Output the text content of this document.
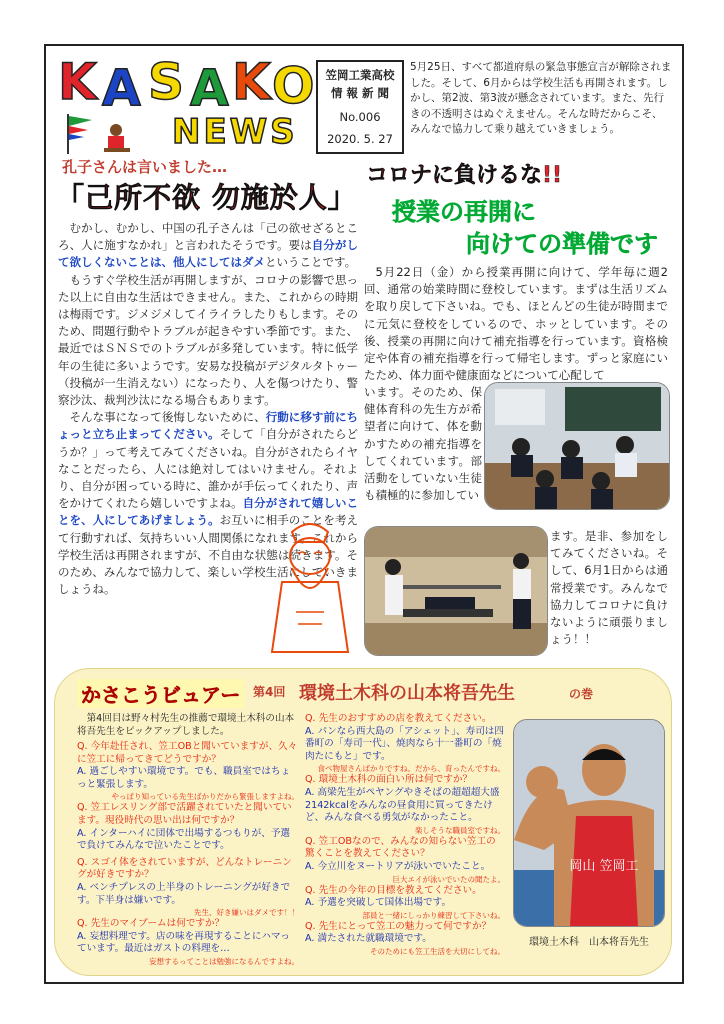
K A S A K O
NEWS
笠岡工業高校
情 報 新 聞
No.006
2020. 5. 27
5月25日、すべて都道府県の緊急事態宣言が解除されました。そして、6月からは学校生活も再開されます。しかし、第2波、第3波が懸念されています。また、先行きの不透明さはぬぐえません。そんな時だからこそ、みんなで協力して乗り越えていきましょう。
孔子さんは言いました…
「己所不欲 勿施於人」
コロナに負けるな!!
授業の再開に
向けての準備です
むかし、むかし、中国の孔子さんは「己の欲せざるところ、人に施すなかれ」と言われたそうです。要は自分がして欲しくないことは、他人にしてはダメということです。
もうすぐ学校生活が再開しますが、コロナの影響で思った以上に自由な生活はできません。また、これからの時期は梅雨です。ジメジメしてイライラしたりもします。そのため、問題行動やトラブルが起きやすい季節です。また、最近ではＳＮＳでのトラブルが多発しています。特に低学年の生徒に多いようです。安易な投稿がデジタルタトゥー（投稿が一生消えない）になったり、人を傷つけたり、警察沙汰、裁判沙汰になる場合もあります。
そんな事になって後悔しないために、行動に移す前にちょっと立ち止まってください。そして「自分がされたらどうか？」って考えてみてくださいね。自分がされたらイヤなことだったら、人には絶対してはいけません。それより、自分が困っている時に、誰かが手伝ってくれたり、声をかけてくれたら嬉しいですよね。自分がされて嬉しいことを、人にしてあげましょう。お互いに相手のことを考えて行動すれば、気持ちいい人間関係になれます。これから学校生活は再開されますが、不自由な状態は続きます。そのため、みんなで協力して、楽しい学校生活にしていきましょうね。
5月22日（金）から授業再開に向けて、学年毎に週2回、通常の始業時間に登校しています。まずは生活リズムを取り戻して下さいね。でも、ほとんどの生徒が時間までに元気に登校をしているので、ホッとしています。その後、授業の再開に向けて補充指導を行っています。資格検定や体育の補充指導を行って帰宅します。ずっと家庭にいたため、体力面や健康面などについて心配して
います。そのため、保健体育科の先生方が希望者に向けて、体を動かすための補充指導をしてくれています。部活動をしていない生徒も積極的に参加してい
ます。是非、参加をしてみてくださいね。そして、6月1日からは通常授業です。みんなで協力してコロナに負けないように頑張りましょう！！
かさこうビュアー	第4回 環境土木科の山本将吾先生	の巻
第4回目は野々村先生の推薦で環境土木科の山本将吾先生をピックアップしました。

Q. 今年赴任され、笠工OBと聞いていますが、久々に笠工に帰ってきてどうですか？

A. 過ごしやすい環境です。でも、職員室ではちょっと緊張します。

やっぱり知っている先生ばかりだから緊張しますよね。

Q. 笠工レスリング部で活躍されていたと聞いています。現役時代の思い出は何ですか？

A. インターハイに団体で出場するつもりが、予選で負けてみんなで泣いたことです。

Q. スゴイ体をされていますが、どんなトレーニングが好きですか？

A. ベンチプレスの上半身のトレーニングが好きです。下半身は嫌いです。

先生、好き嫌いはダメです！！

Q. 先生のマイブームは何ですか？

A. 妄想料理です。店の味を再現することにハマっています。最近はガストの料理を…

妄想するってことは勉強になるんですよね。

Q. 先生のおすすめの店を教えてください。

A. パンなら西大島の「アシェット」、寿司は四番町の「寿司一代」、焼肉なら十一番町の「焼肉たにもと」です。

食べ物屋さんばかりですね。だから、育ったんですね。

Q. 環境土木科の面白い所は何ですか？

A. 高梁先生がペヤングやきそばの超超超大盛2142kcalをみんなの昼食用に買ってきたけど、みんな食べる勇気がなかったこと。

楽しそうな職員室ですね。

Q. 笠工OBなので、みんなの知らない笠工の驚くことを教えてください？

A. 今立川をヌートリアが泳いでいたこと。

巨大エイが泳いでいたの聞たよ。

Q. 先生の今年の目標を教えてください。

A. 予選を突破して国体出場です。

部員と一緒にしっかり練習して下さいね。

Q. 先生にとって笠工の魅力って何ですか？

A. 満たされた就職環境です。

そのためにも笠工生活を大切にしてね。

岡山 笠岡工
環境土木科　山本将吾先生
